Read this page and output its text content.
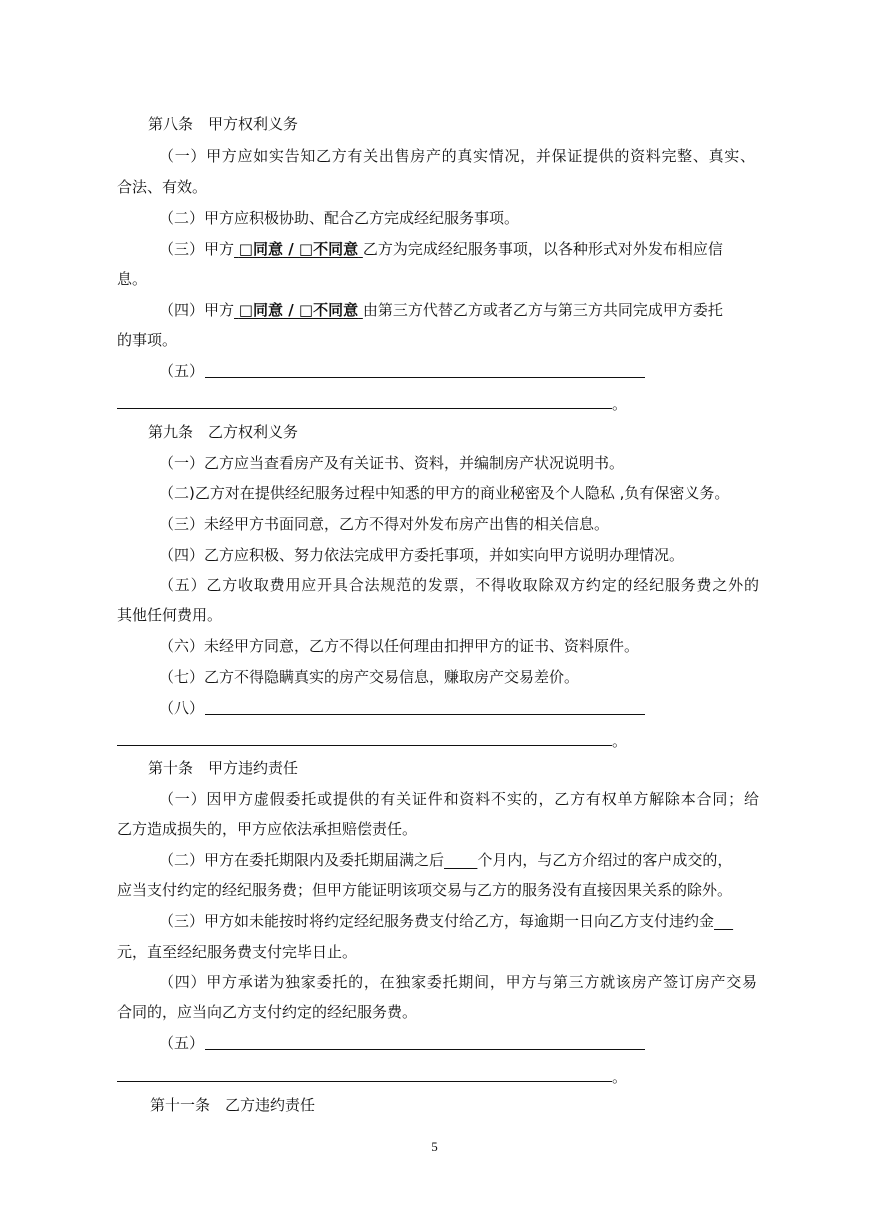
第八条　甲方权利义务
（一）甲方应如实告知乙方有关出售房产的真实情况，并保证提供的资料完整、真实、
合法、有效。
（二）甲方应积极协助、配合乙方完成经纪服务事项。
（三）甲方 □同意 / □不同意 乙方为完成经纪服务事项，以各种形式对外发布相应信
息。
（四）甲方 □同意 / □不同意 由第三方代替乙方或者乙方与第三方共同完成甲方委托
的事项。
（五）
。
第九条　乙方权利义务
（一）乙方应当查看房产及有关证书、资料，并编制房产状况说明书。
（二)乙方对在提供经纪服务过程中知悉的甲方的商业秘密及个人隐私 ,负有保密义务。
（三）未经甲方书面同意，乙方不得对外发布房产出售的相关信息。
（四）乙方应积极、努力依法完成甲方委托事项，并如实向甲方说明办理情况。
（五）乙方收取费用应开具合法规范的发票，不得收取除双方约定的经纪服务费之外的
其他任何费用。
（六）未经甲方同意，乙方不得以任何理由扣押甲方的证书、资料原件。
（七）乙方不得隐瞒真实的房产交易信息，赚取房产交易差价。
（八）
。
第十条　甲方违约责任
（一）因甲方虚假委托或提供的有关证件和资料不实的，乙方有权单方解除本合同；给
乙方造成损失的，甲方应依法承担赔偿责任。
（二）甲方在委托期限内及委托期届满之后 个月内，与乙方介绍过的客户成交的，
应当支付约定的经纪服务费；但甲方能证明该项交易与乙方的服务没有直接因果关系的除外。
（三）甲方如未能按时将约定经纪服务费支付给乙方，每逾期一日向乙方支付违约金
元，直至经纪服务费支付完毕日止。
（四）甲方承诺为独家委托的，在独家委托期间，甲方与第三方就该房产签订房产交易
合同的，应当向乙方支付约定的经纪服务费。
（五）
。
第十一条　乙方违约责任
5
